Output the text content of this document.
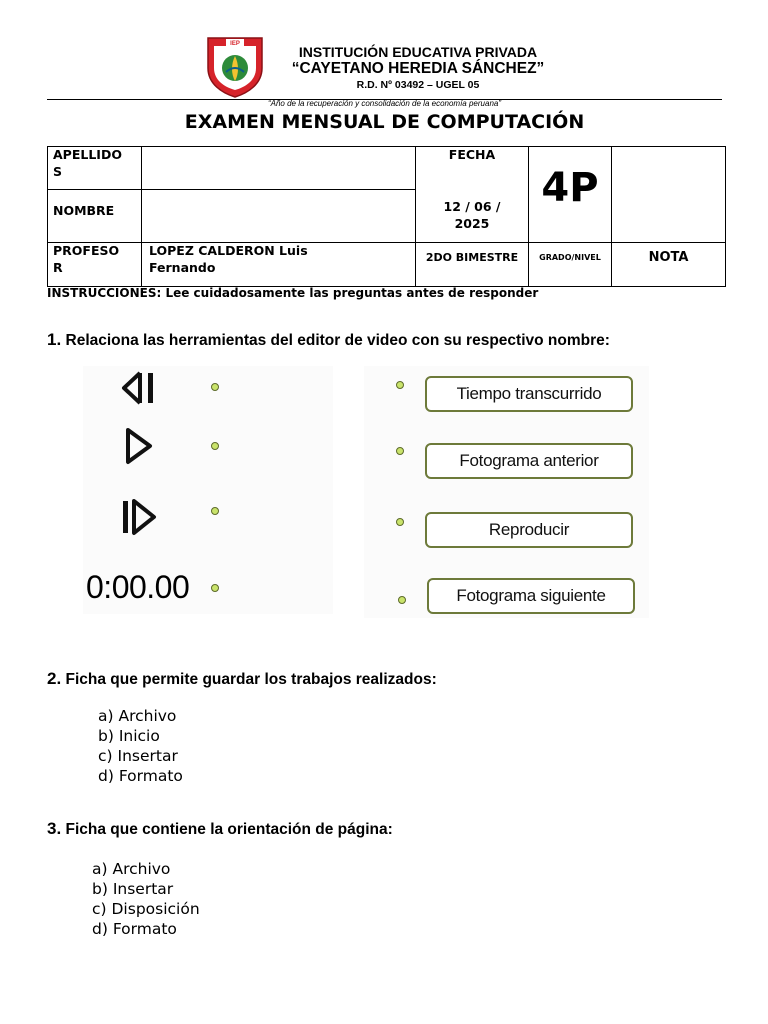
IEP	INSTITUCIÓN EDUCATIVA PRIVADA
“CAYETANO HEREDIA SÁNCHEZ”
R.D. Nº 03492 – UGEL 05
“Año de la recuperación y consolidación de la economía peruana”
EXAMEN MENSUAL DE COMPUTACIÓN
APELLIDO
S
NOMBRE
PROFESO
R
LOPEZ CALDERON Luis
Fernando
FECHA
12 / 06 /
2025
2DO BIMESTRE
4P
GRADO/NIVEL	NOTA
INSTRUCCIONES: Lee cuidadosamente las preguntas antes de responder
1. Relaciona las herramientas del editor de video con su respectivo nombre:
0:00.00
Tiempo transcurrido
Fotograma anterior
Reproducir
Fotograma siguiente
2. Ficha que permite guardar los trabajos realizados:
a) Archivo
b) Inicio
c) Insertar
d) Formato
3. Ficha que contiene la orientación de página:
a) Archivo
b) Insertar
c) Disposición
d) Formato
